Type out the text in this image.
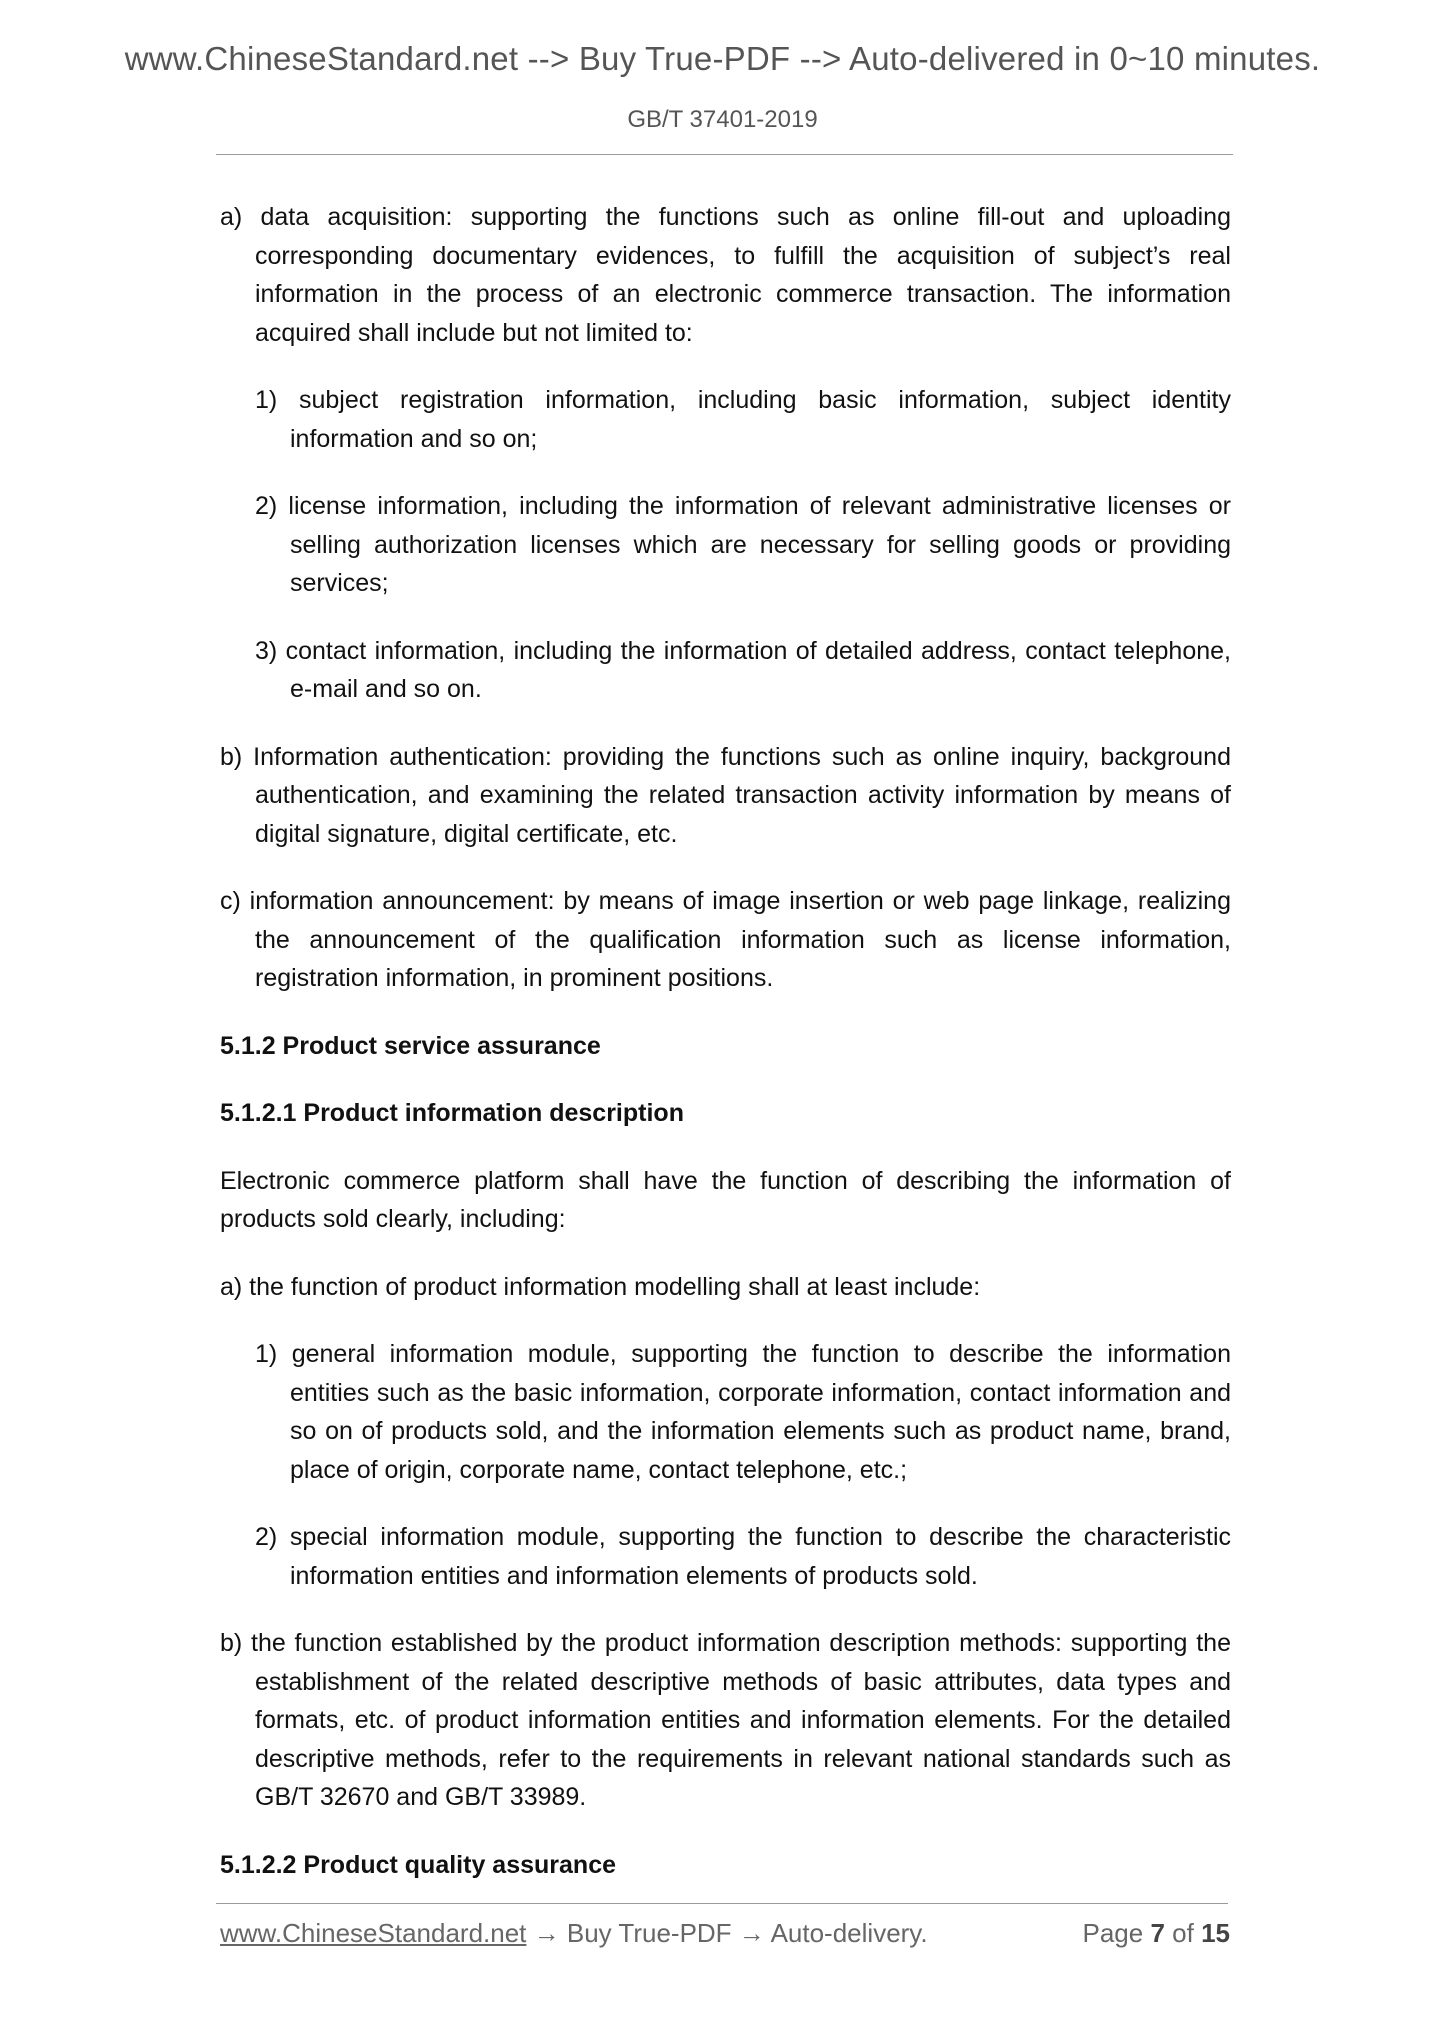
www.ChineseStandard.net --> Buy True-PDF --> Auto-delivered in 0~10 minutes.
GB/T 37401-2019

a) data acquisition: supporting the functions such as online fill-out and uploading corresponding documentary evidences, to fulfill the acquisition of subject’s real information in the process of an electronic commerce transaction. The information acquired shall include but not limited to:

1) subject registration information, including basic information, subject identity information and so on;

2) license information, including the information of relevant administrative licenses or selling authorization licenses which are necessary for selling goods or providing services;

3) contact information, including the information of detailed address, contact telephone, e-mail and so on.

b) Information authentication: providing the functions such as online inquiry, background authentication, and examining the related transaction activity information by means of digital signature, digital certificate, etc.

c) information announcement: by means of image insertion or web page linkage, realizing the announcement of the qualification information such as license information, registration information, in prominent positions.

5.1.2 Product service assurance

5.1.2.1 Product information description

Electronic commerce platform shall have the function of describing the information of products sold clearly, including:

a) the function of product information modelling shall at least include:

1) general information module, supporting the function to describe the information entities such as the basic information, corporate information, contact information and so on of products sold, and the information elements such as product name, brand, place of origin, corporate name, contact telephone, etc.;

2) special information module, supporting the function to describe the characteristic information entities and information elements of products sold.

b) the function established by the product information description methods: supporting the establishment of the related descriptive methods of basic attributes, data types and formats, etc. of product information entities and information elements. For the detailed descriptive methods, refer to the requirements in relevant national standards such as GB/T 32670 and GB/T 33989.

5.1.2.2 Product quality assurance

www.ChineseStandard.net → Buy True-PDF → Auto-delivery.	Page 7 of 15
